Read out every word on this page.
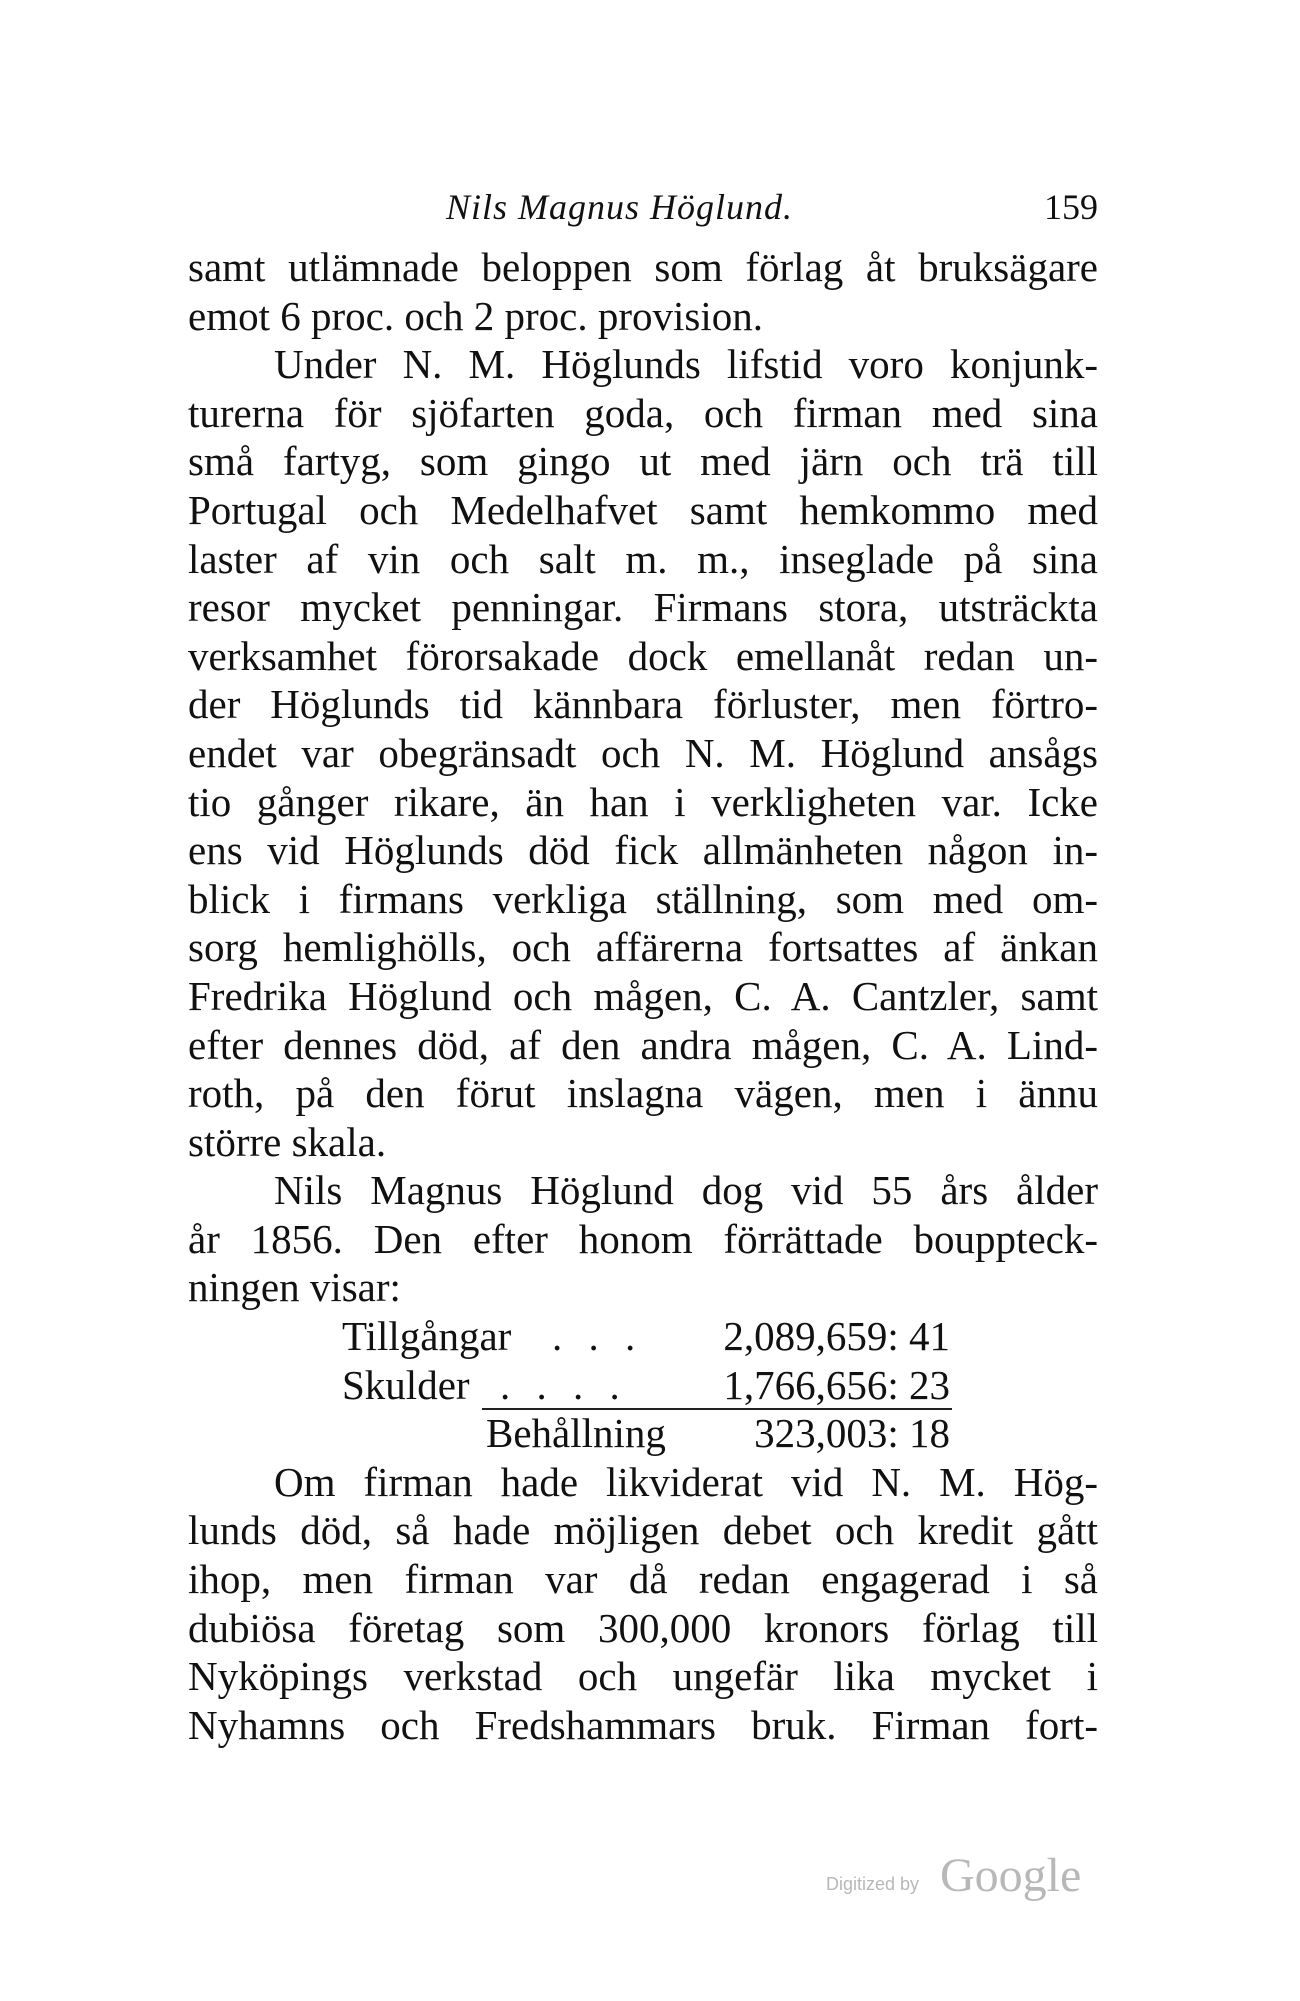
Nils Magnus Höglund.	159
samt utlämnade beloppen som förlag åt bruksägare
emot 6 proc. och 2 proc. provision.
Under N. M. Höglunds lifstid voro konjunk-
turerna för sjöfarten goda, och firman med sina
små fartyg, som gingo ut med järn och trä till
Portugal och Medelhafvet samt hemkommo med
laster af vin och salt m. m., inseglade på sina
resor mycket penningar. Firmans stora, utsträckta
verksamhet förorsakade dock emellanåt redan un-
der Höglunds tid kännbara förluster, men förtro-
endet var obegränsadt och N. M. Höglund ansågs
tio gånger rikare, än han i verkligheten var. Icke
ens vid Höglunds död fick allmänheten någon in-
blick i firmans verkliga ställning, som med om-
sorg hemlighölls, och affärerna fortsattes af änkan
Fredrika Höglund och mågen, C. A. Cantzler, samt
efter dennes död, af den andra mågen, C. A. Lind-
roth, på den förut inslagna vägen, men i ännu
större skala.
Nils Magnus Höglund dog vid 55 års ålder
år 1856. Den efter honom förrättade bouppteck-
ningen visar:
Tillgångar . . . 2,089,659: 41
Skulder . . . . 1,766,656: 23
Behållning 323,003: 18
Om firman hade likviderat vid N. M. Hög-
lunds död, så hade möjligen debet och kredit gått
ihop, men firman var då redan engagerad i så
dubiösa företag som 300,000 kronors förlag till
Nyköpings verkstad och ungefär lika mycket i
Nyhamns och Fredshammars bruk. Firman fort-
Digitized by Google
